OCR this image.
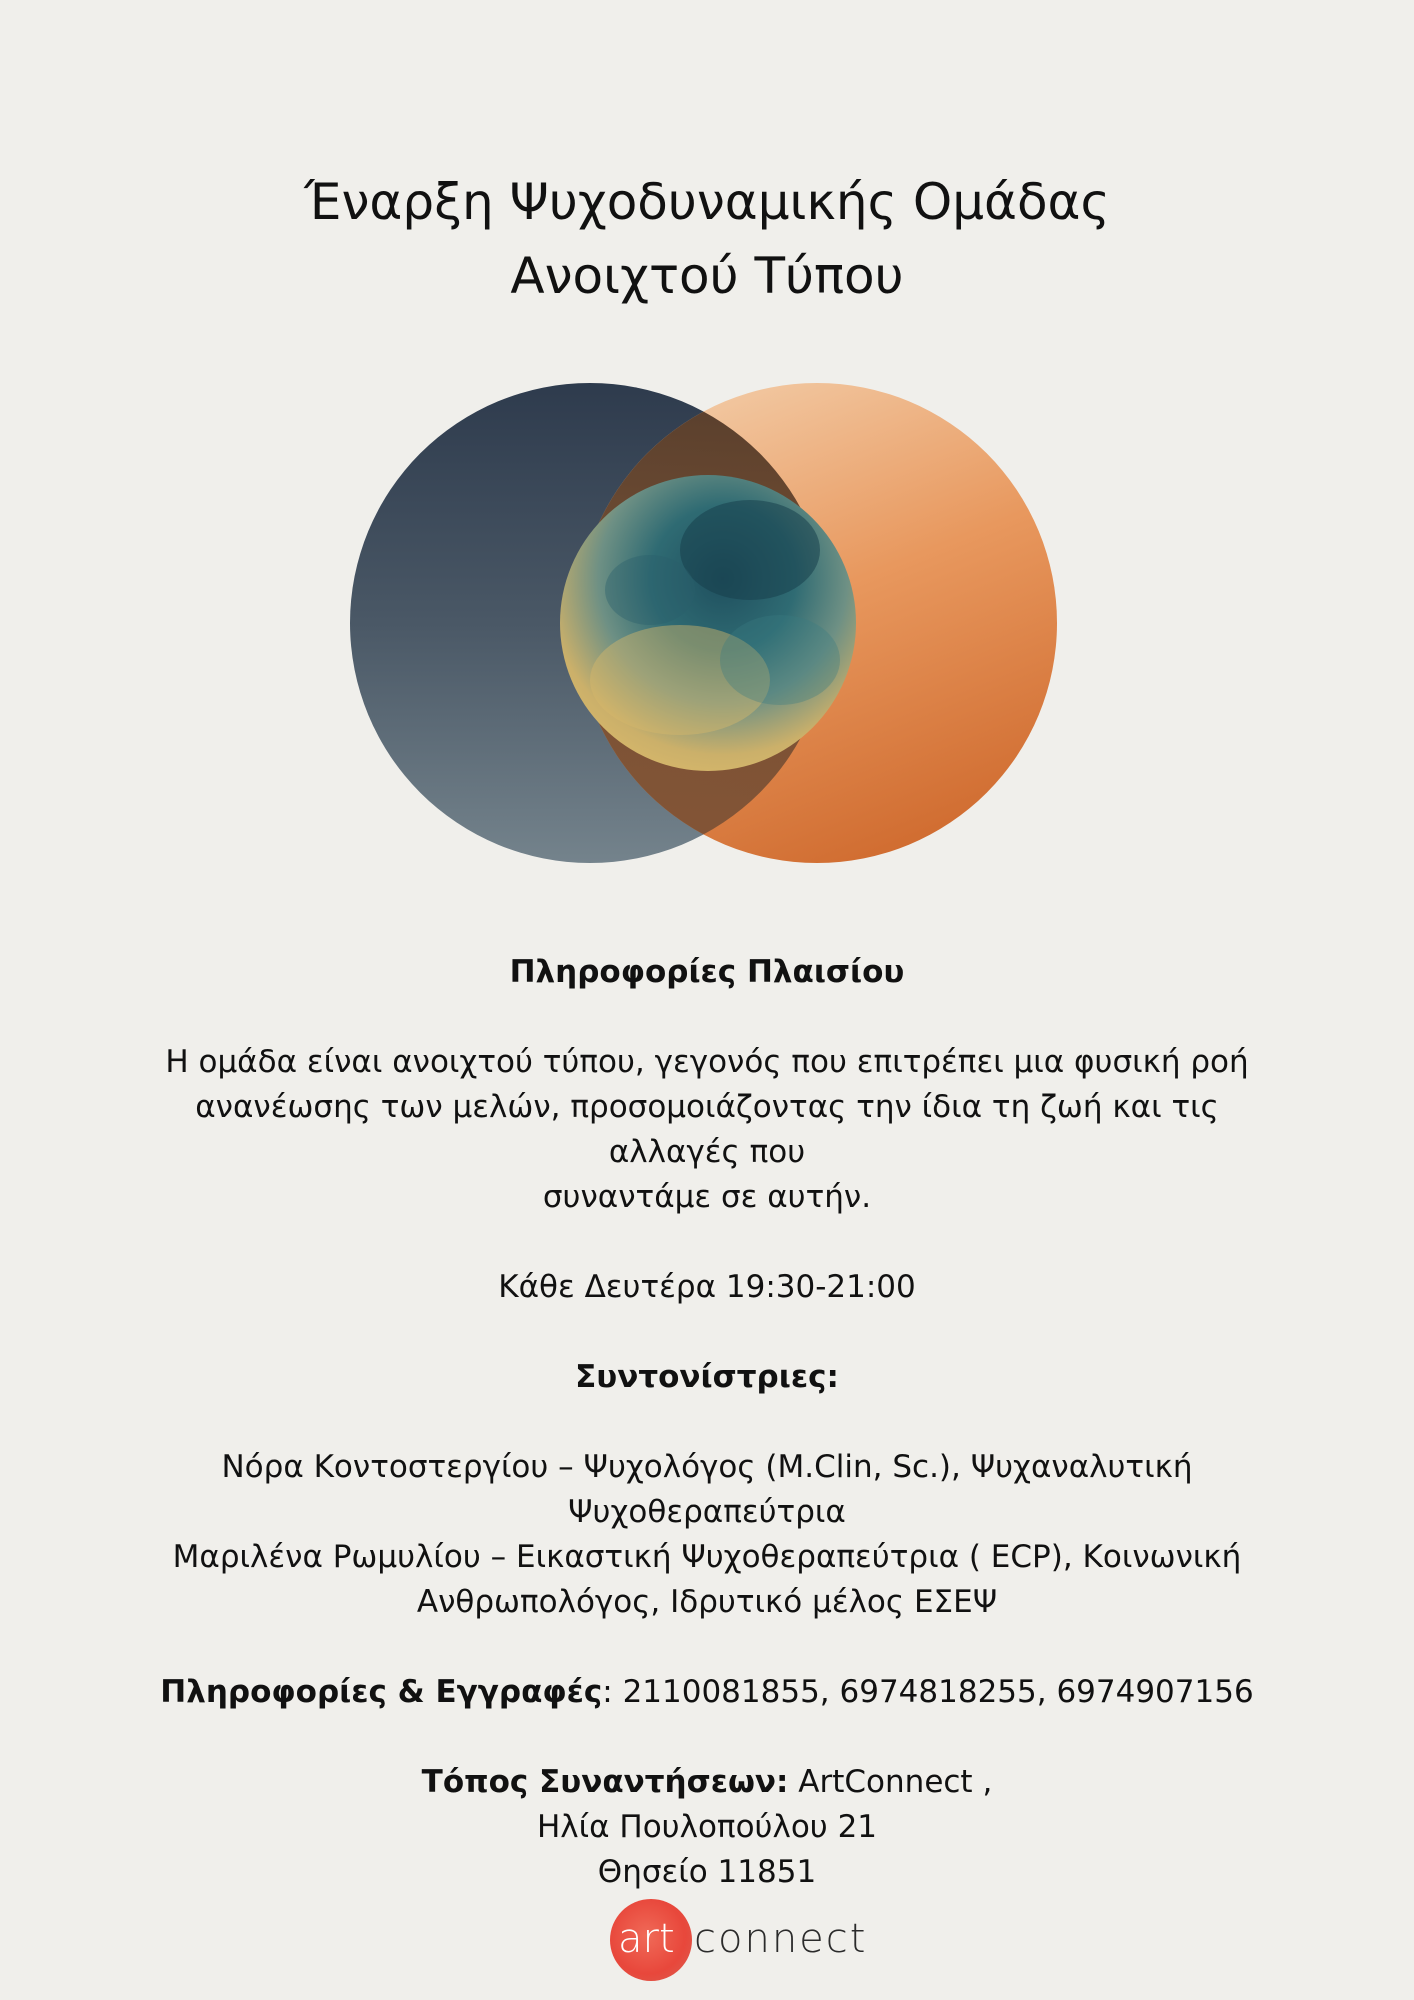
Έναρξη Ψυχοδυναμικής Ομάδας
Ανοιχτού Τύπου

Πληροφορίες Πλαισίου

Η ομάδα είναι ανοιχτού τύπου, γεγονός που επιτρέπει μια φυσική ροή

ανανέωσης των μελών, προσομοιάζοντας την ίδια τη ζωή και τις αλλαγές που

συναντάμε σε αυτήν.

Κάθε Δευτέρα 19:30-21:00

Συντονίστριες:

Νόρα Κοντοστεργίου – Ψυχολόγος (M.Clin, Sc.), Ψυχαναλυτική

Ψυχοθεραπεύτρια

Μαριλένα Ρωμυλίου – Εικαστική Ψυχοθεραπεύτρια ( ECP), Κοινωνική

Ανθρωπολόγος, Ιδρυτικό μέλος ΕΣΕΨ

Πληροφορίες & Εγγραφές: 2110081855, 6974818255, 6974907156

Τόπος Συναντήσεων: ArtConnect ,

Ηλία Πουλοπούλου 21

Θησείο 11851

art connect
